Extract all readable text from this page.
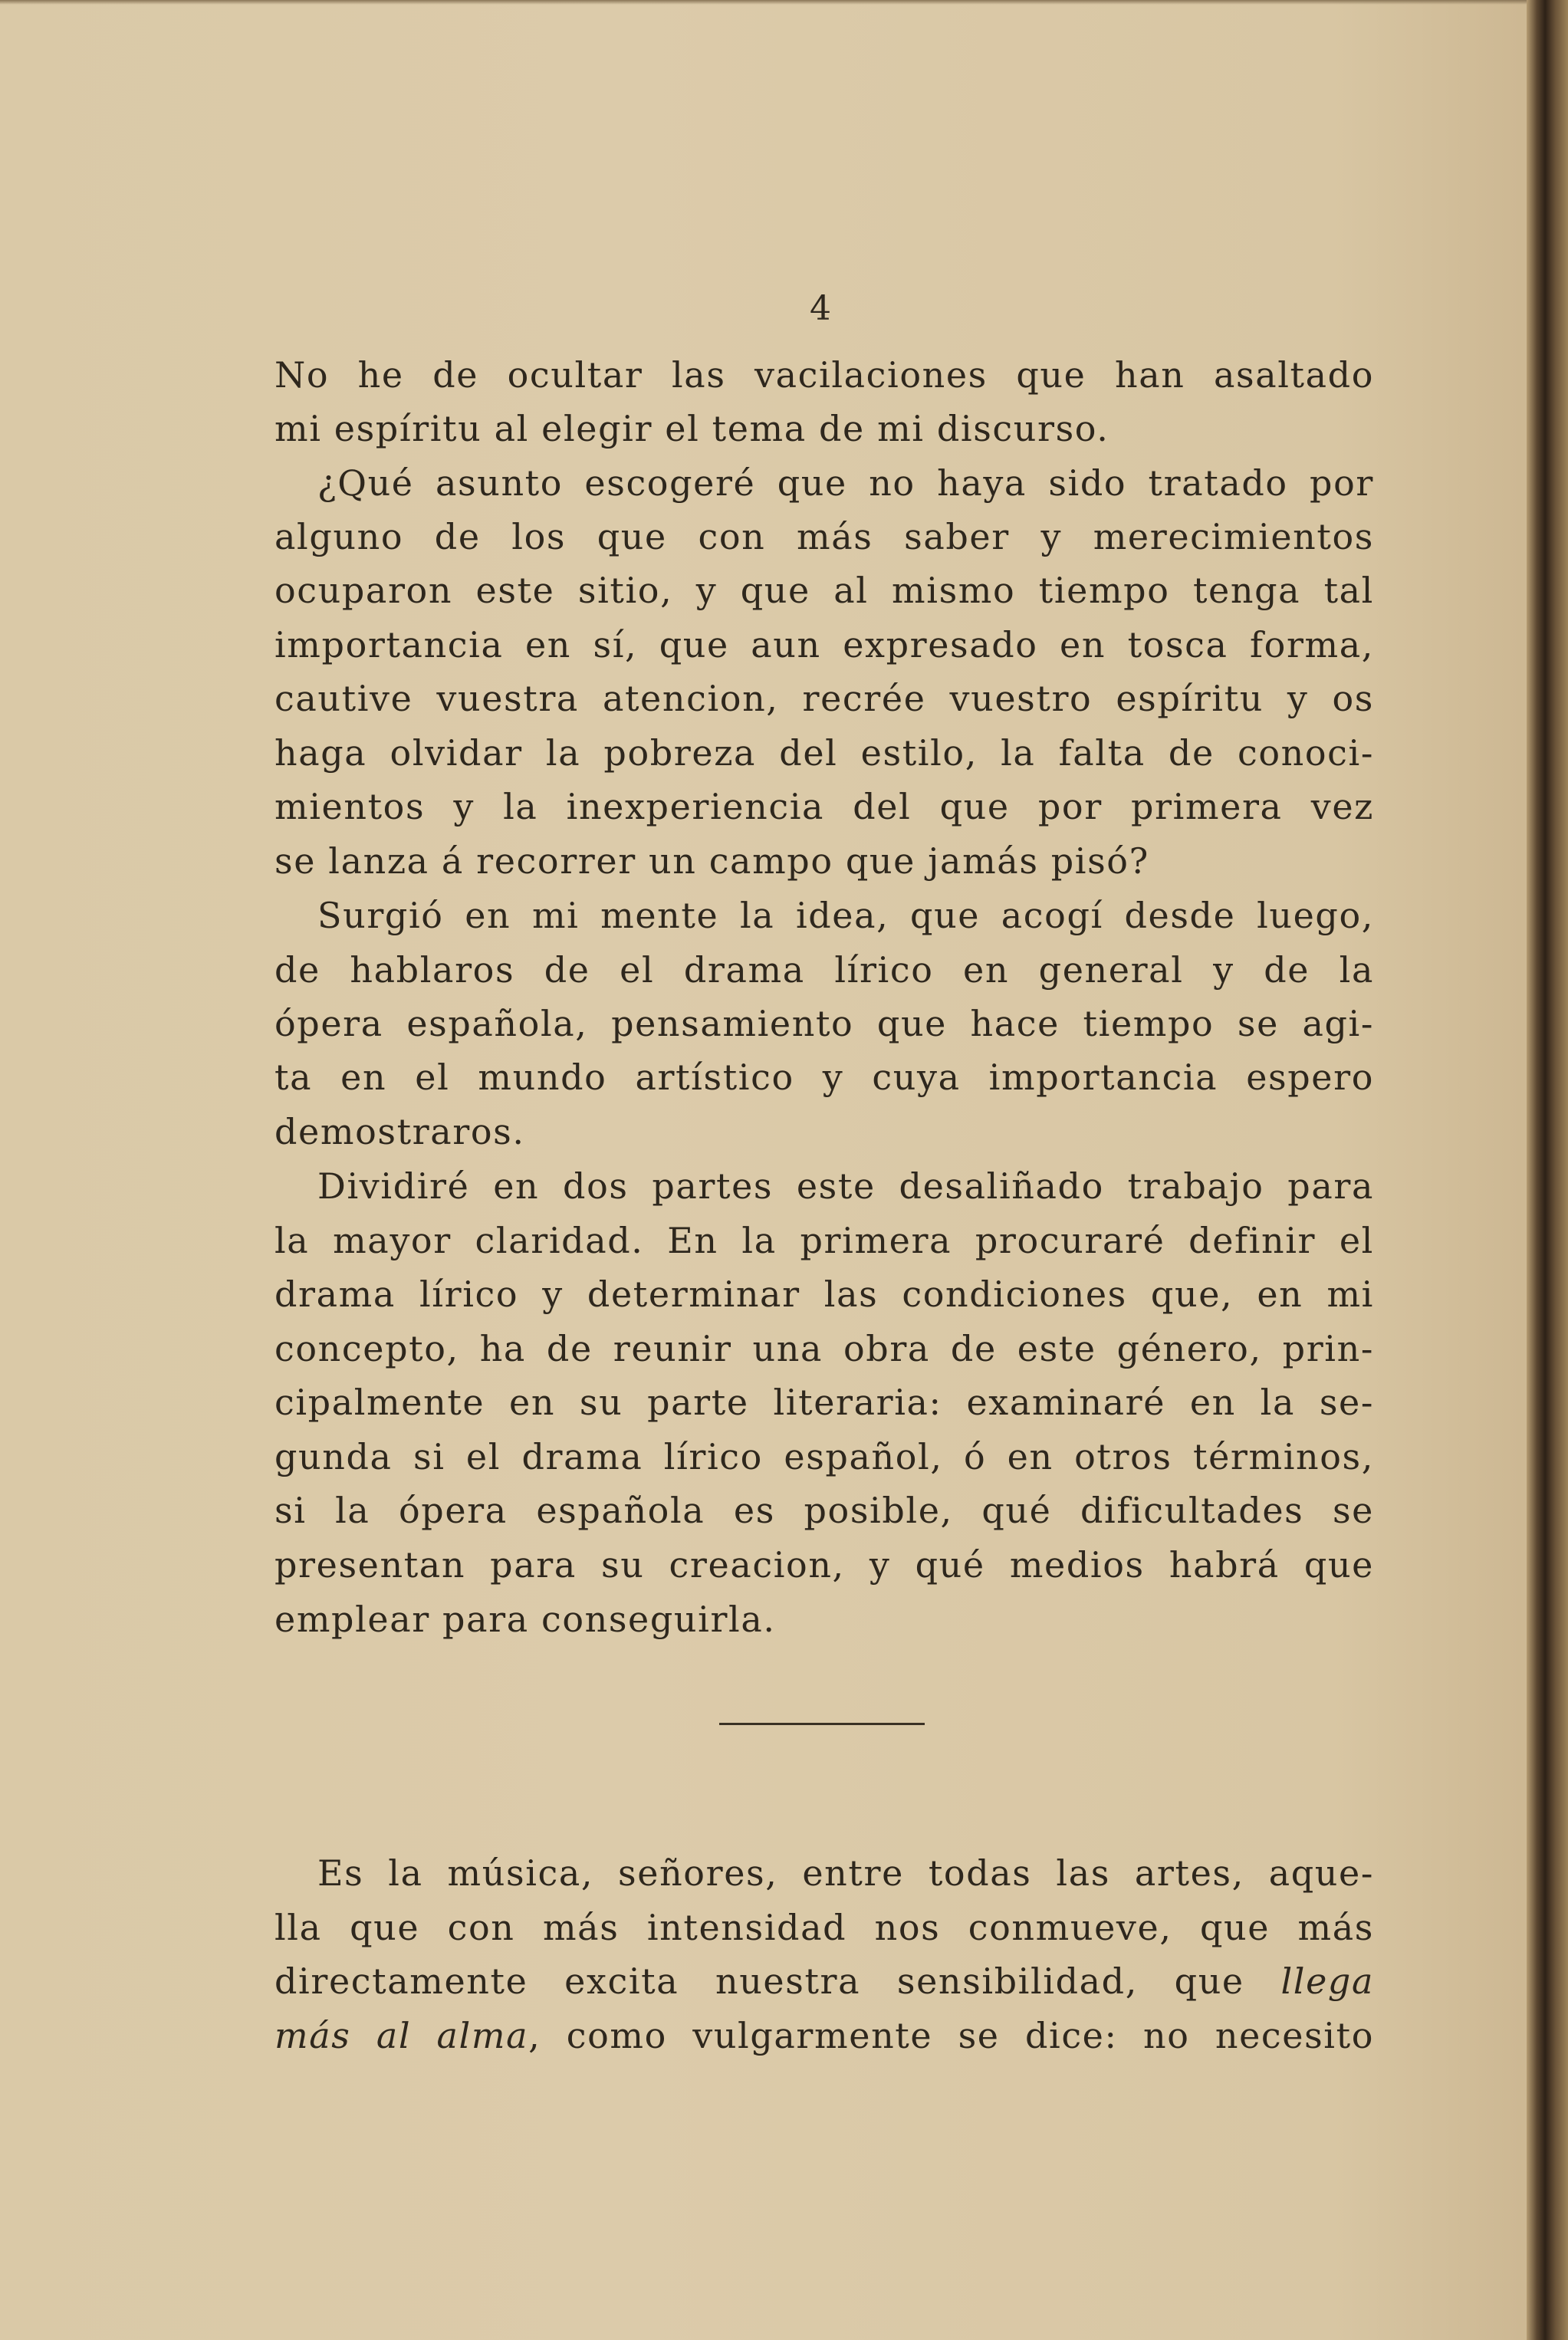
4

No he de ocultar las vacilaciones que han asaltado

mi espíritu al elegir el tema de mi discurso.

¿Qué asunto escogeré que no haya sido tratado por

alguno de los que con más saber y merecimientos

ocuparon este sitio, y que al mismo tiempo tenga tal

importancia en sí, que aun expresado en tosca forma,

cautive vuestra atencion, recrée vuestro espíritu y os

haga olvidar la pobreza del estilo, la falta de conoci-

mientos y la inexperiencia del que por primera vez

se lanza á recorrer un campo que jamás pisó?

Surgió en mi mente la idea, que acogí desde luego,

de hablaros de el drama lírico en general y de la

ópera española, pensamiento que hace tiempo se agi-

ta en el mundo artístico y cuya importancia espero

demostraros.

Dividiré en dos partes este desaliñado trabajo para

la mayor claridad. En la primera procuraré definir el

drama lírico y determinar las condiciones que, en mi

concepto, ha de reunir una obra de este género, prin-

cipalmente en su parte literaria: examinaré en la se-

gunda si el drama lírico español, ó en otros términos,

si la ópera española es posible, qué dificultades se

presentan para su creacion, y qué medios habrá que

emplear para conseguirla.

Es la música, señores, entre todas las artes, aque-

lla que con más intensidad nos conmueve, que más

directamente excita nuestra sensibilidad, que llega

más al alma, como vulgarmente se dice: no necesito
